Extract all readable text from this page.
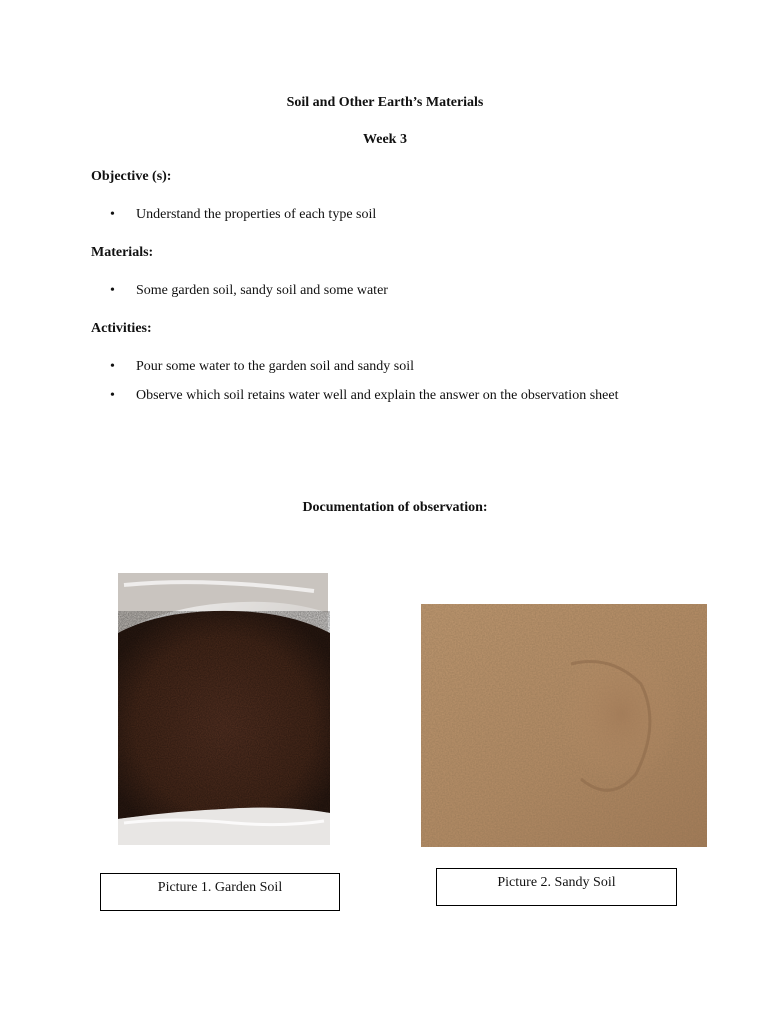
Soil and Other Earth’s Materials

Week 3

Objective (s):

• Understand the properties of each type soil

Materials:

• Some garden soil, sandy soil and some water

Activities:

• Pour some water to the garden soil and sandy soil
• Observe which soil retains water well and explain the answer on the observation sheet

Documentation of observation:

Picture 1. Garden Soil	Picture 2. Sandy Soil
